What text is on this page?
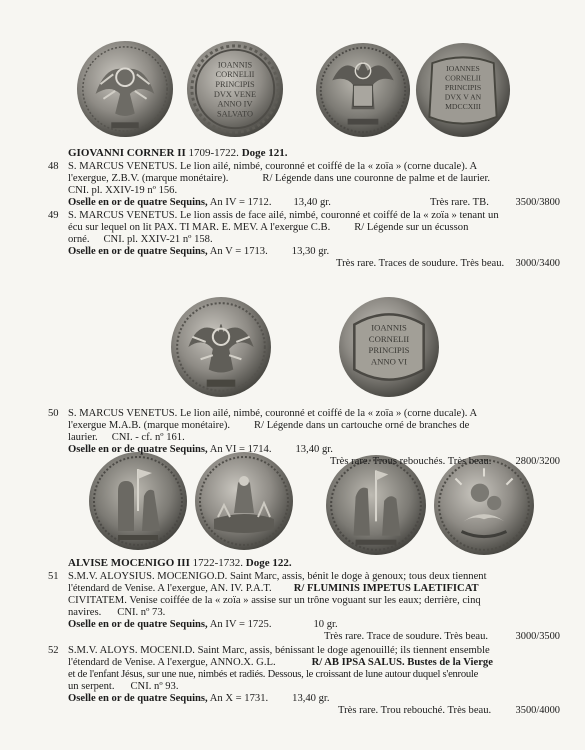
IOANNIS
CORNELII
PRINCIPIS
DVX VENE
ANNO IV
SALVATO
IOANNES
CORNELII
PRINCIPIS
DVX V AN
MDCCXIII
IOANNIS
CORNELII
PRINCIPIS
ANNO VI
GIOVANNI CORNER II 1709-1722. Doge 121.
48 S. MARCUS VENETUS. Le lion ailé, nimbé, couronné et coiffé de la « zoïa » (corne ducale). A
l'exergue, Z.B.V. (marque monétaire).	R/ Légende dans une couronne de palme et de laurier.
CNI. pl. XXIV-19 nº 156.
Oselle en or de quatre Sequins, An IV = 1712. 13,40 gr.	Très rare. TB.	3500/3800
49 S. MARCUS VENETUS. Le lion assis de face ailé, nimbé, couronné et coiffé de la « zoïa » tenant un
écu sur lequel on lit PAX. TI MAR. E. MEV. A l'exergue C.B. R/ Légende sur un écusson
orné. CNI. pl. XXIV-21 nº 158.
Oselle en or de quatre Sequins, An V = 1713. 13,30 gr.
Très rare. Traces de soudure. Très beau.	3000/3400
50 S. MARCUS VENETUS. Le lion ailé, nimbé, couronné et coiffé de la « zoïa » (corne ducale). A
l'exergue M.A.B. (marque monétaire). R/ Légende dans un cartouche orné de branches de
laurier. CNI. - cf. nº 161.
Oselle en or de quatre Sequins, An VI = 1714. 13,40 gr.
Très rare. Trous rebouchés. Très beau.	2800/3200
ALVISE MOCENIGO III 1722-1732. Doge 122.
51 S.M.V. ALOYSIUS. MOCENIGO.D. Saint Marc, assis, bénit le doge à genoux; tous deux tiennent
l'étendard de Venise. A l'exergue, AN. IV. P.A.T. R/ FLUMINIS IMPETUS LAETIFICAT
CIVITATEM. Venise coiffée de la « zoïa » assise sur un trône voguant sur les eaux; derrière, cinq
navires. CNI. nº 73.
Oselle en or de quatre Sequins, An IV = 1725.	10 gr.
Très rare. Trace de soudure. Très beau.	3000/3500
52 S.M.V. ALOYS. MOCENI.D. Saint Marc, assis, bénissant le doge agenouillé; ils tiennent ensemble
l'étendard de Venise. A l'exergue, ANNO.X. G.L.	R/ AB IPSA SALUS. Bustes de la Vierge
et de l'enfant Jésus, sur une nue, nimbés et radiés. Dessous, le croissant de lune autour duquel s'enroule
un serpent. CNI. nº 93.
Oselle en or de quatre Sequins, An X = 1731. 13,40 gr.
Très rare. Trou rebouché. Très beau.	3500/4000
